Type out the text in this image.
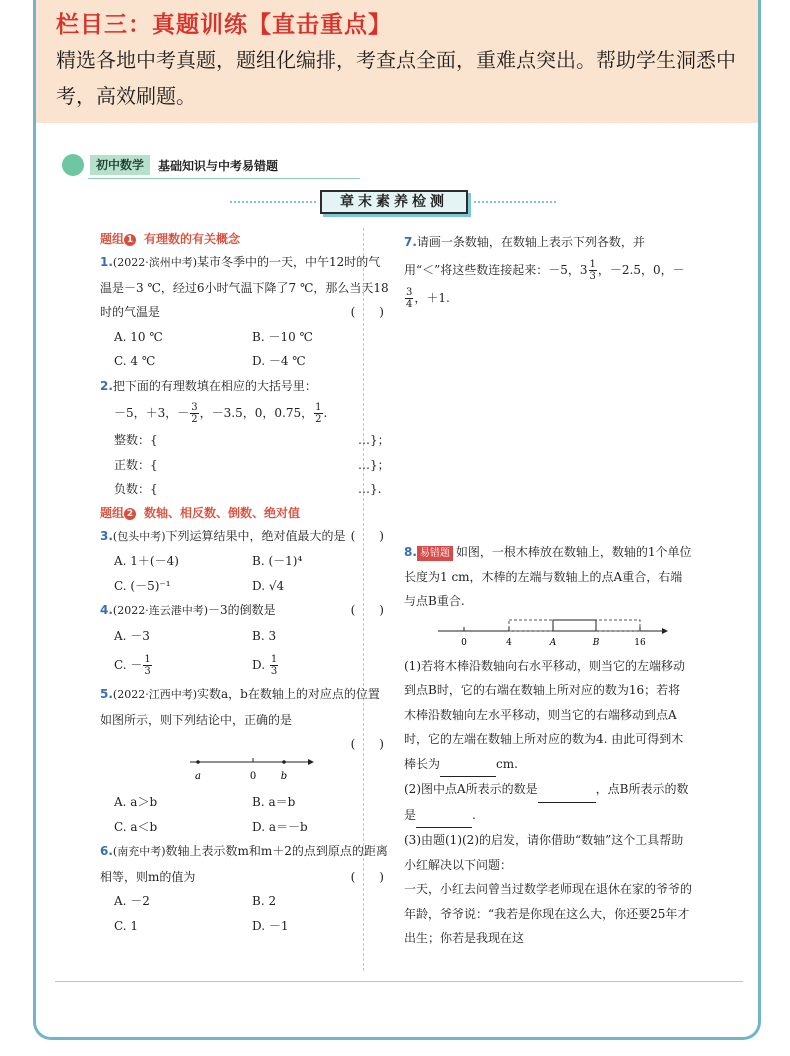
栏目三：真题训练【直击重点】
精选各地中考真题，题组化编排，考查点全面，重难点突出。帮助学生洞悉中考，高效刷题。
初中数学	基础知识与中考易错题
章末素养检测
题组 1 有理数的有关概念
1.(2022·滨州中考)某市冬季中的一天，中午12时的气温是－3 ℃，经过6小时气温下降了7 ℃，那么当天18时的气温是	(　　)
A. 10 ℃	B. －10 ℃
C. 4 ℃	D. －4 ℃
2.把下面的有理数填在相应的大括号里：
－5，＋3，－ $\frac{3}{2}$ ，－3.5，0，0.75， $\frac{1}{2}$ .
整数：{	…}；
正数：{	…}；
负数：{	…}.
题组 2 数轴、相反数、倒数、绝对值
3.(包头中考)下列运算结果中，绝对值最大的是 (　　)
A. 1＋(－4)	B. (－1)⁴
C. (－5)⁻¹	D. √4
4.(2022·连云港中考)－3的倒数是	(　　)
A. －3	B. 3
C. － $\frac{1}{3}$	D. $\frac{1}{3}$
5.(2022·江西中考)实数a，b在数轴上的对应点的位置如图所示，则下列结论中，正确的是
(　　)
a	0 b
A. a＞b	B. a＝b
C. a＜b	D. a＝－b
6.(南充中考)数轴上表示数m和m＋2的点到原点的距离相等，则m的值为	(　　)
A. －2	B. 2
C. 1	D. －1
7.请画一条数轴，在数轴上表示下列各数，并用“＜”将这些数连接起来：－5，$3 \frac{1}{3}$ ，－2.5，0，－
$\frac{3}{4}$ ，＋1.
8. 易错题 如图，一根木棒放在数轴上，数轴的1个单位长度为1 cm，木棒的左端与数轴上的点A重合，右端与点B重合.
0	4	A	B	16
(1)若将木棒沿数轴向右水平移动，则当它的左端移动到点B时，它的右端在数轴上所对应的数为16；若将木棒沿数轴向左水平移动，则当它的右端移动到点A时，它的左端在数轴上所对应的数为4. 由此可得到木棒长为	cm.
(2)图中点A所表示的数是	，点B所表示的数是	.
(3)由题(1)(2)的启发，请你借助“数轴”这个工具帮助小红解决以下问题：
一天，小红去问曾当过数学老师现在退休在家的爷爷的年龄，爷爷说：“我若是你现在这么大，你还要25年才出生；你若是我现在这
